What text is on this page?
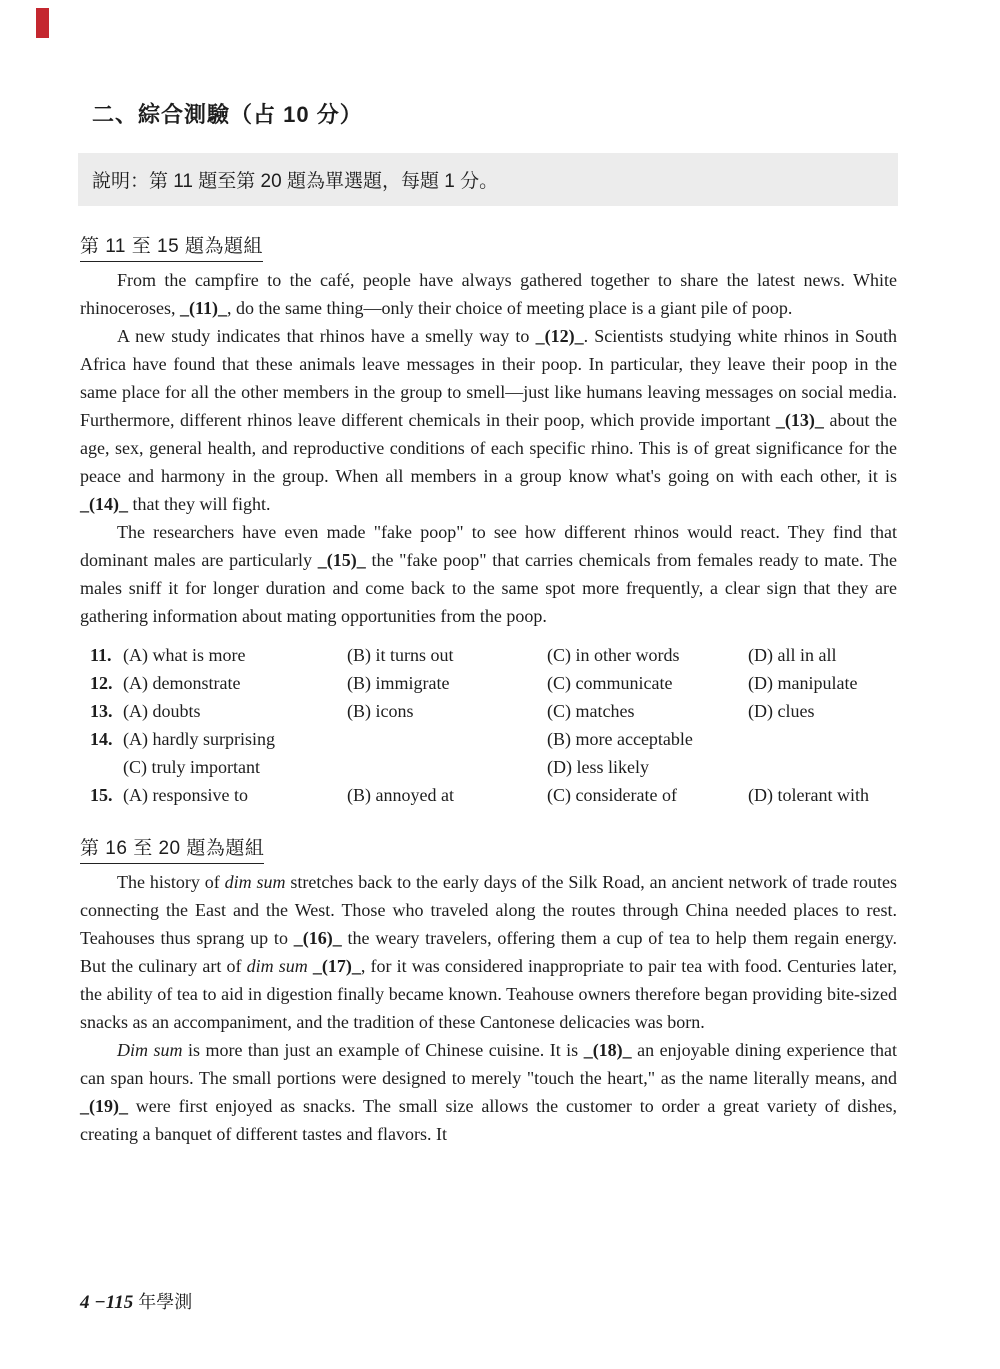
二、綜合測驗（占 10 分）
說明：第 11 題至第 20 題為單選題，每題 1 分。
第 11 至 15 題為題組

From the campfire to the café, people have always gathered together to share the latest news. White rhinoceroses, _(11)_, do the same thing—only their choice of meeting place is a giant pile of poop.

A new study indicates that rhinos have a smelly way to _(12)_. Scientists studying white rhinos in South Africa have found that these animals leave messages in their poop. In particular, they leave their poop in the same place for all the other members in the group to smell—just like humans leaving messages on social media. Furthermore, different rhinos leave different chemicals in their poop, which provide important _(13)_ about the age, sex, general health, and reproductive conditions of each specific rhino. This is of great significance for the peace and harmony in the group. When all members in a group know what's going on with each other, it is _(14)_ that they will fight.

The researchers have even made "fake poop" to see how different rhinos would react. They find that dominant males are particularly _(15)_ the "fake poop" that carries chemicals from females ready to mate. The males sniff it for longer duration and come back to the same spot more frequently, a clear sign that they are gathering information about mating opportunities from the poop.

11. (A) what is more	(B) it turns out	(C) in other words	(D) all in all
12. (A) demonstrate	(B) immigrate	(C) communicate	(D) manipulate
13. (A) doubts	(B) icons	(C) matches	(D) clues
14. (A) hardly surprising	(B) more acceptable
(C) truly important	(D) less likely
15. (A) responsive to	(B) annoyed at	(C) considerate of	(D) tolerant with
第 16 至 20 題為題組

The history of dim sum stretches back to the early days of the Silk Road, an ancient network of trade routes connecting the East and the West. Those who traveled along the routes through China needed places to rest. Teahouses thus sprang up to _(16)_ the weary travelers, offering them a cup of tea to help them regain energy. But the culinary art of dim sum _(17)_, for it was considered inappropriate to pair tea with food. Centuries later, the ability of tea to aid in digestion finally became known. Teahouse owners therefore began providing bite-sized snacks as an accompaniment, and the tradition of these Cantonese delicacies was born.

Dim sum is more than just an example of Chinese cuisine. It is _(18)_ an enjoyable dining experience that can span hours. The small portions were designed to merely "touch the heart," as the name literally means, and _(19)_ were first enjoyed as snacks. The small size allows the customer to order a great variety of dishes, creating a banquet of different tastes and flavors. It

4 −115 年學測
